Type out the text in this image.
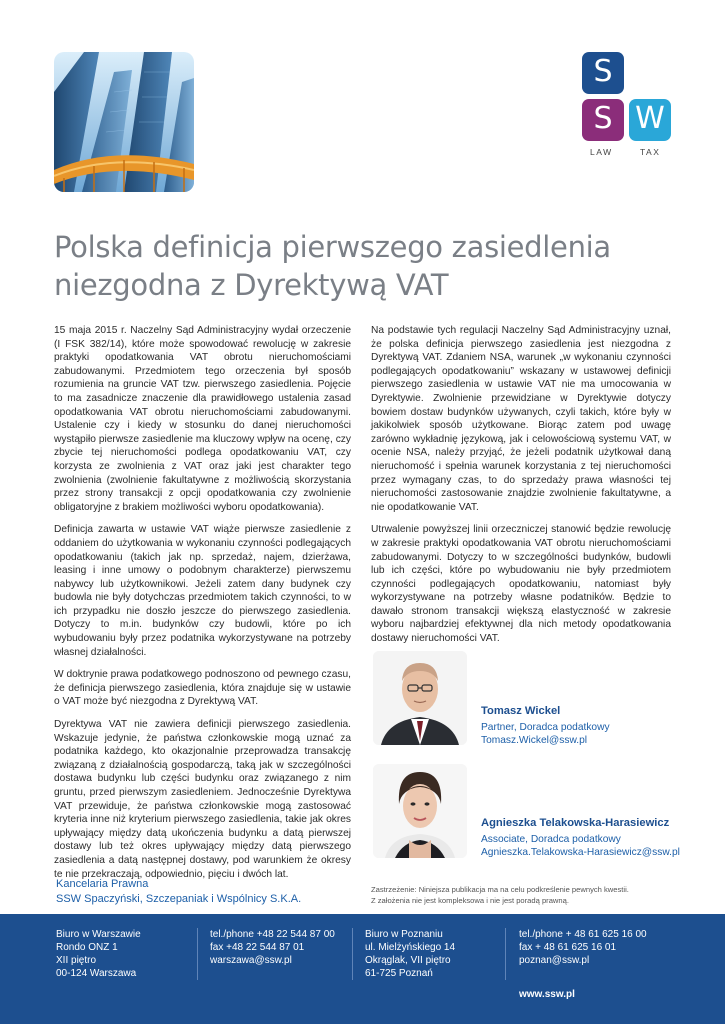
S
S W
LAW	TAX
Polska definicja pierwszego zasiedlenia
niezgodna z Dyrektywą VAT

15 maja 2015 r. Naczelny Sąd Administracyjny wydał orzeczenie (I FSK 382/14), które może spowodować rewolucję w zakresie praktyki opodatkowania VAT obrotu nieruchomościami zabudowanymi. Przedmiotem tego orzeczenia był sposób rozumienia na gruncie VAT tzw. pierwszego zasiedlenia. Pojęcie to ma zasadnicze znaczenie dla prawidłowego ustalenia zasad opodatkowania VAT obrotu nieruchomościami zabudowanymi. Ustalenie czy i kiedy w stosunku do danej nieruchomości wystąpiło pierwsze zasiedlenie ma kluczowy wpływ na ocenę, czy zbycie tej nieruchomości podlega opodatkowaniu VAT, czy korzysta ze zwolnienia z VAT oraz jaki jest charakter tego zwolnienia (zwolnienie fakultatywne z możliwością skorzystania przez strony transakcji z opcji opodatkowania czy zwolnienie obligatoryjne z brakiem możliwości wyboru opodatkowania).

Definicja zawarta w ustawie VAT wiąże pierwsze zasiedlenie z oddaniem do użytkowania w wykonaniu czynności podlegających opodatkowaniu (takich jak np. sprzedaż, najem, dzierżawa, leasing i inne umowy o podobnym charakterze) pierwszemu nabywcy lub użytkownikowi. Jeżeli zatem dany budynek czy budowla nie były dotychczas przedmiotem takich czynności, to w ich przypadku nie doszło jeszcze do pierwszego zasiedlenia. Dotyczy to m.in. budynków czy budowli, które po ich wybudowaniu były przez podatnika wykorzystywane na potrzeby własnej działalności.

W doktrynie prawa podatkowego podnoszono od pewnego czasu, że definicja pierwszego zasiedlenia, która znajduje się w ustawie o VAT może być niezgodna z Dyrektywą VAT.

Dyrektywa VAT nie zawiera definicji pierwszego zasiedlenia. Wskazuje jedynie, że państwa członkowskie mogą uznać za podatnika każdego, kto okazjonalnie przeprowadza transakcję związaną z działalnością gospodarczą, taką jak w szczególności dostawa budynku lub części budynku oraz związanego z nim gruntu, przed pierwszym zasiedleniem. Jednocześnie Dyrektywa VAT przewiduje, że państwa członkowskie mogą zastosować kryteria inne niż kryterium pierwszego zasiedlenia, takie jak okres upływający między datą ukończenia budynku a datą pierwszej dostawy lub też okres upływający między datą pierwszego zasiedlenia a datą następnej dostawy, pod warunkiem że okresy te nie przekraczają, odpowiednio, pięciu i dwóch lat.

Na podstawie tych regulacji Naczelny Sąd Administracyjny uznał, że polska definicja pierwszego zasiedlenia jest niezgodna z Dyrektywą VAT. Zdaniem NSA, warunek „w wykonaniu czynności podlegających opodatkowaniu” wskazany w ustawowej definicji pierwszego zasiedlenia w ustawie VAT nie ma umocowania w Dyrektywie. Zwolnienie przewidziane w Dyrektywie dotyczy bowiem dostaw budynków używanych, czyli takich, które były w jakikolwiek sposób użytkowane. Biorąc zatem pod uwagę zarówno wykładnię językową, jak i celowościową systemu VAT, w ocenie NSA, należy przyjąć, że jeżeli podatnik użytkował daną nieruchomość i spełnia warunek korzystania z tej nieruchomości przez wymagany czas, to do sprzedaży prawa własności tej nieruchomości zastosowanie znajdzie zwolnienie fakultatywne, a nie opodatkowanie VAT.

Utrwalenie powyższej linii orzeczniczej stanowić będzie rewolucję w zakresie praktyki opodatkowania VAT obrotu nieruchomościami zabudowanymi. Dotyczy to w szczególności budynków, budowli lub ich części, które po wybudowaniu nie były przedmiotem czynności podlegających opodatkowaniu, natomiast były wykorzystywane na potrzeby własne podatników. Będzie to dawało stronom transakcji większą elastyczność w zakresie wyboru najbardziej efektywnej dla nich metody opodatkowania dostawy nieruchomości VAT.

Tomasz Wickel
Partner, Doradca podatkowy
Tomasz.Wickel@ssw.pl
Agnieszka Telakowska-Harasiewicz
Associate, Doradca podatkowy
Agnieszka.Telakowska-Harasiewicz@ssw.pl
Kancelaria Prawna
SSW Spaczyński, Szczepaniak i Wspólnicy S.K.A.
Zastrzeżenie: Niniejsza publikacja ma na celu podkreślenie pewnych kwestii.
Z założenia nie jest kompleksowa i nie jest poradą prawną.
Biuro w Warszawie
Rondo ONZ 1
XII piętro
00-124 Warszawa
tel./phone +48 22 544 87 00
fax +48 22 544 87 01
warszawa@ssw.pl
Biuro w Poznaniu
ul. Mielżyńskiego 14
Okrąglak, VII piętro
61-725 Poznań
tel./phone + 48 61 625 16 00
fax + 48 61 625 16 01
poznan@ssw.pl
www.ssw.pl
